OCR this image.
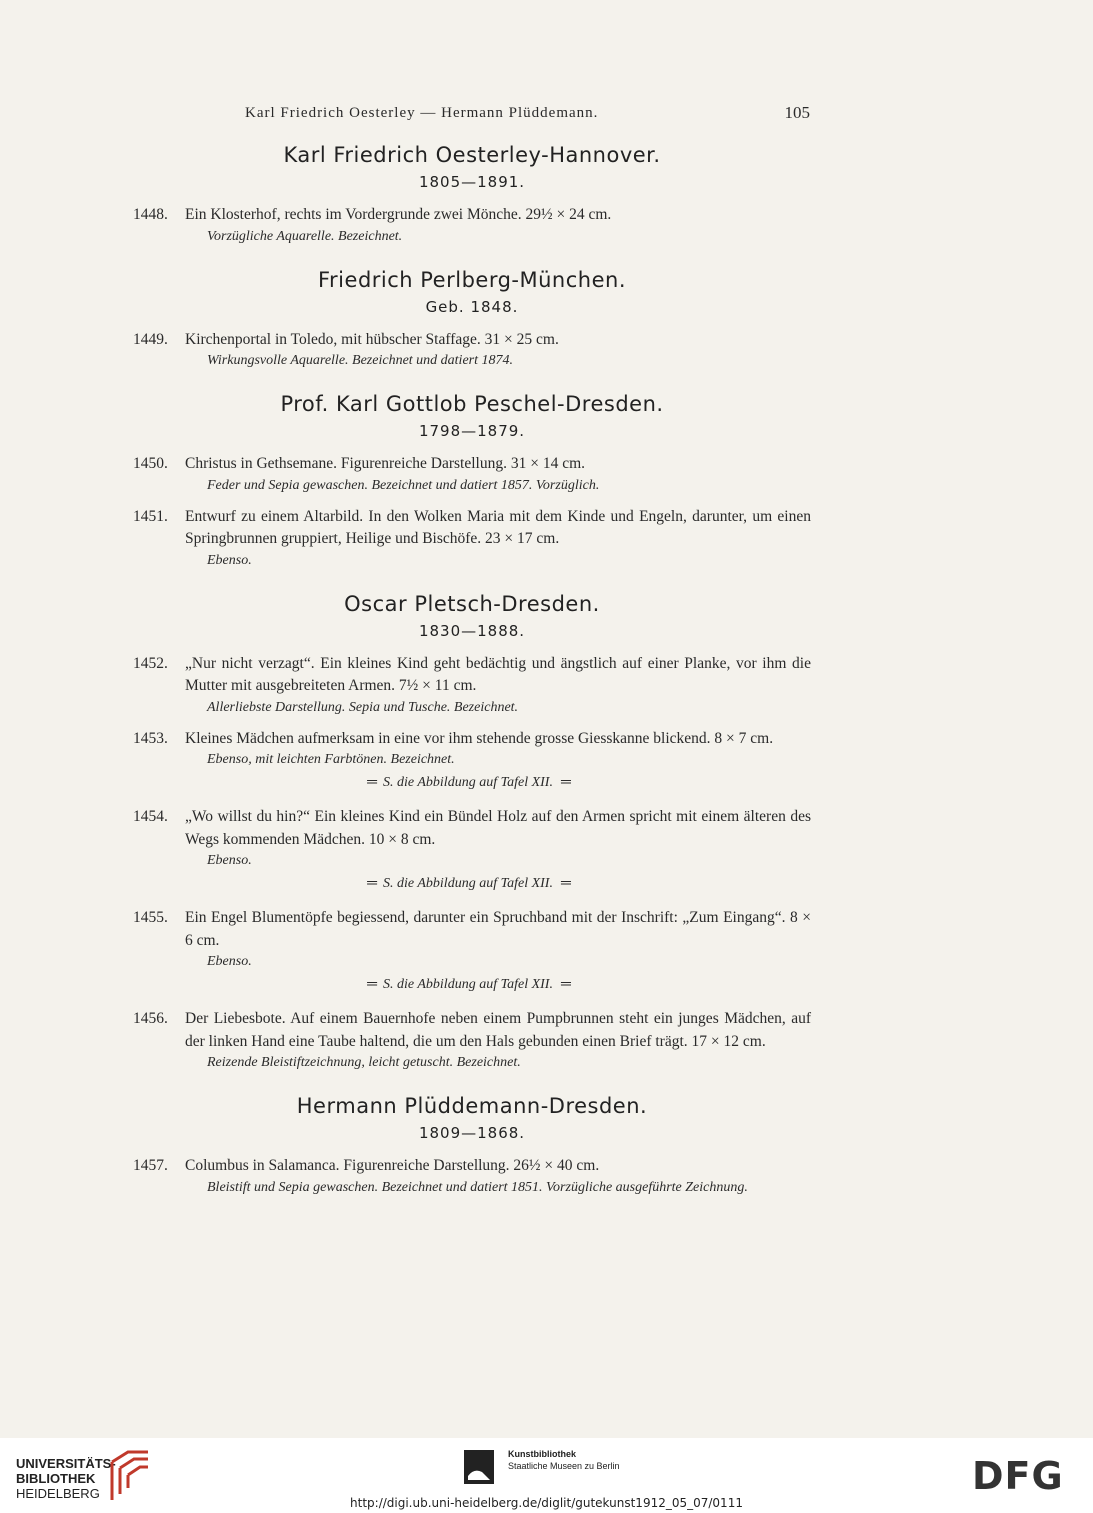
Karl Friedrich Oesterley — Hermann Plüddemann.	105
Karl Friedrich Oesterley-Hannover.
1805—1891.
1448. Ein Klosterhof, rechts im Vordergrunde zwei Mönche. 29½ × 24 cm.
Vorzügliche Aquarelle. Bezeichnet.
Friedrich Perlberg-München.
Geb. 1848.
1449. Kirchenportal in Toledo, mit hübscher Staffage. 31 × 25 cm.
Wirkungsvolle Aquarelle. Bezeichnet und datiert 1874.
Prof. Karl Gottlob Peschel-Dresden.
1798—1879.
1450. Christus in Gethsemane. Figurenreiche Darstellung. 31 × 14 cm.
Feder und Sepia gewaschen. Bezeichnet und datiert 1857. Vorzüglich.
1451. Entwurf zu einem Altarbild. In den Wolken Maria mit dem Kinde und Engeln, darunter, um einen Springbrunnen gruppiert, Heilige und Bischöfe. 23 × 17 cm.
Ebenso.
Oscar Pletsch-Dresden.
1830—1888.
1452. „Nur nicht verzagt“. Ein kleines Kind geht bedächtig und ängstlich auf einer Planke, vor ihm die Mutter mit ausgebreiteten Armen. 7½ × 11 cm.
Allerliebste Darstellung. Sepia und Tusche. Bezeichnet.
1453. Kleines Mädchen aufmerksam in eine vor ihm stehende grosse Giesskanne blickend. 8 × 7 cm.
Ebenso, mit leichten Farbtönen. Bezeichnet.
═ S. die Abbildung auf Tafel XII. ═
1454. „Wo willst du hin?“ Ein kleines Kind ein Bündel Holz auf den Armen spricht mit einem älteren des Wegs kommenden Mädchen. 10 × 8 cm.
Ebenso.
═ S. die Abbildung auf Tafel XII. ═
1455. Ein Engel Blumentöpfe begiessend, darunter ein Spruchband mit der Inschrift: „Zum Eingang“. 8 × 6 cm.
Ebenso.
═ S. die Abbildung auf Tafel XII. ═
1456. Der Liebesbote. Auf einem Bauernhofe neben einem Pumpbrunnen steht ein junges Mädchen, auf der linken Hand eine Taube haltend, die um den Hals gebunden einen Brief trägt. 17 × 12 cm.
Reizende Bleistiftzeichnung, leicht getuscht. Bezeichnet.
Hermann Plüddemann-Dresden.
1809—1868.
1457. Columbus in Salamanca. Figurenreiche Darstellung. 26½ × 40 cm.
Bleistift und Sepia gewaschen. Bezeichnet und datiert 1851. Vorzügliche ausgeführte Zeichnung.
UNIVERSITÄTS-
BIBLIOTHEK
HEIDELBERG
Kunstbibliothek
Staatliche Museen zu Berlin	DFG
http://digi.ub.uni-heidelberg.de/diglit/gutekunst1912_05_07/0111
